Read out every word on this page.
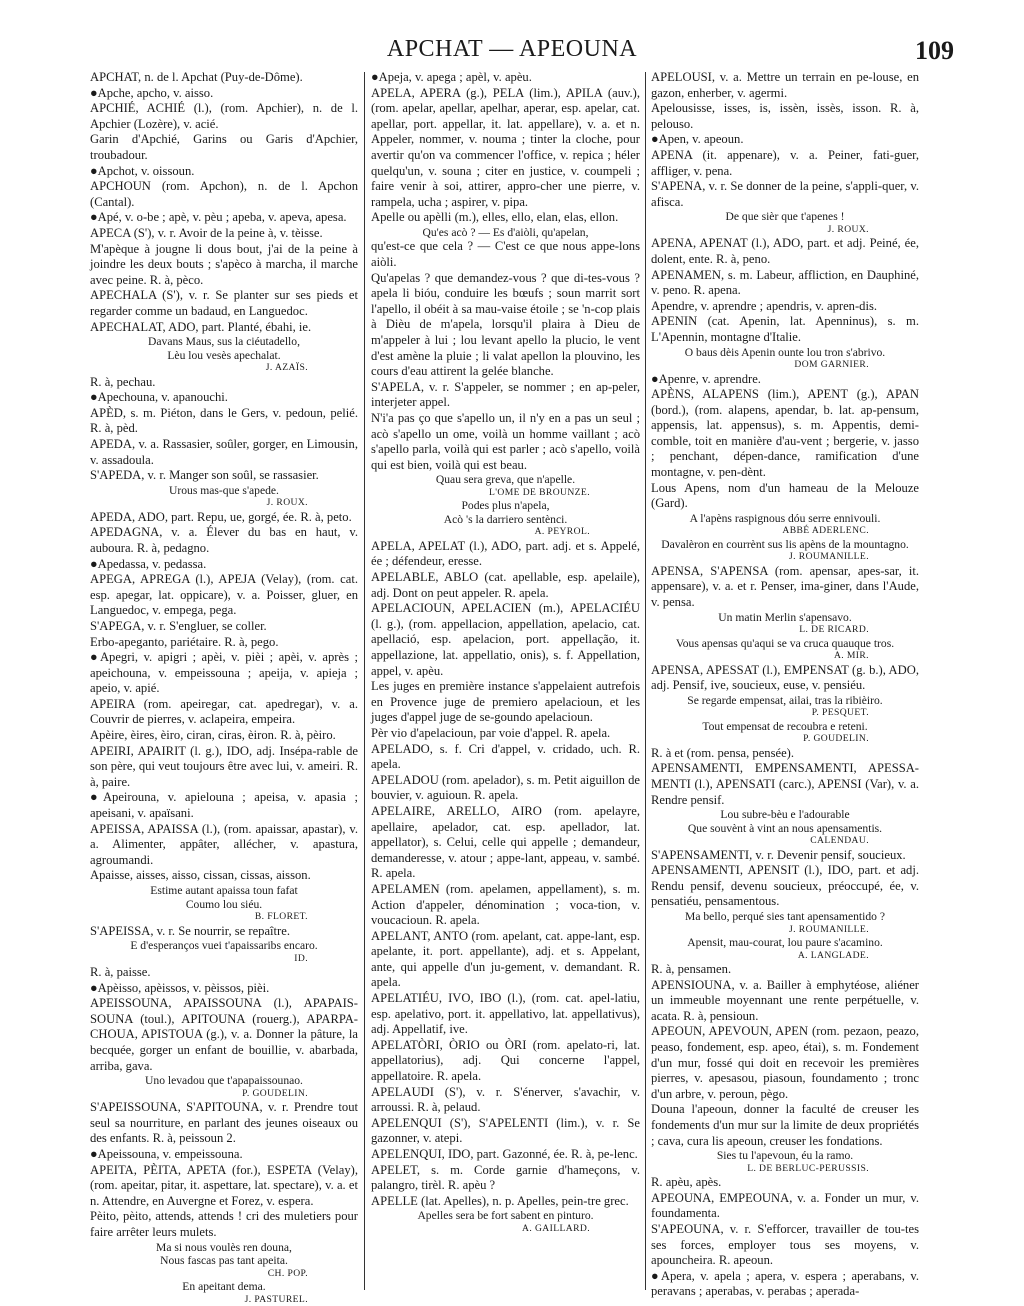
APCHAT — APEOUNA	109

APCHAT, n. de l. Apchat (Puy-de-Dôme).

●Apche, apcho, v. aisso.

APCHIÉ, ACHIÉ (l.), (rom. Apchier), n. de l. Apchier (Lozère), v. acié.

Garin d'Apchié, Garins ou Garis d'Apchier, troubadour.

●Apchot, v. oissoun.

APCHOUN (rom. Apchon), n. de l. Apchon (Cantal).

●Apé, v. o-be ; apè, v. pèu ; apeba, v. apeva, apesa.

APECA (S'), v. r. Avoir de la peine à, v. tèisse.

M'apèque à jougne li dous bout, j'ai de la peine à joindre les deux bouts ; s'apèco à marcha, il marche avec peine. R. à, pèco.

APECHALA (S'), v. r. Se planter sur ses pieds et regarder comme un badaud, en Languedoc.

APECHALAT, ADO, part. Planté, ébahi, ie.

Davans Maus, sus la ciéutadello,

Lèu lou vesès apechalat.

J. AZAÏS.

R. à, pechau.

●Apechouna, v. apanouchi.

APÈD, s. m. Piéton, dans le Gers, v. pedoun, pelié. R. à, pèd.

APEDA, v. a. Rassasier, soûler, gorger, en Limousin, v. assadoula.

S'APEDA, v. r. Manger son soûl, se rassasier.

Urous mas-que s'apede.

J. ROUX.

APEDA, ADO, part. Repu, ue, gorgé, ée. R. à, peto.

APEDAGNA, v. a. Élever du bas en haut, v. auboura. R. à, pedagno.

●Apedassa, v. pedassa.

APEGA, APREGA (l.), APEJA (Velay), (rom. cat. esp. apegar, lat. oppicare), v. a. Poisser, gluer, en Languedoc, v. empega, pega.

S'APEGA, v. r. S'engluer, se coller.

Erbo-apeganto, pariétaire. R. à, pego.

●Apegri, v. apigri ; apèi, v. pièi ; apèi, v. après ; apeichouna, v. empeissouna ; apeija, v. apieja ; apeio, v. apié.

APEIRA (rom. apeiregar, cat. apedregar), v. a. Couvrir de pierres, v. aclapeira, empeira.

Apèire, èires, èiro, ciran, ciras, èiron. R. à, pèiro.

APEIRI, APAIRIT (l. g.), IDO, adj. Insépa-rable de son père, qui veut toujours être avec lui, v. ameiri. R. à, paire.

●Apeirouna, v. apielouna ; apeisa, v. apasia ; apeisani, v. apaïsani.

APEISSA, APAISSA (l.), (rom. apaissar, apastar), v. a. Alimenter, appâter, allécher, v. apastura, agroumandi.

Apaisse, aisses, aisso, cissan, cissas, aisson.

Estime autant apaissa toun fafat

Coumo lou siéu.

B. FLORET.

S'APEISSA, v. r. Se nourrir, se repaître.

E d'esperanços vuei t'apaissaribs encaro.

ID.

R. à, paisse.

●Apèisso, apèissos, v. pèissos, pièi.

APEISSOUNA, APAISSOUNA (l.), APAPAIS-SOUNA (toul.), APITOUNA (rouerg.), APARPA-CHOUA, APISTOUA (g.), v. a. Donner la pâture, la becquée, gorger un enfant de bouillie, v. abarbada, arriba, gava.

Uno levadou que t'apapaissounao.

P. GOUDELIN.

S'APEISSOUNA, S'APITOUNA, v. r. Prendre tout seul sa nourriture, en parlant des jeunes oiseaux ou des enfants. R. à, peissoun 2.

●Apeissouna, v. empeissouna.

APEITA, PÈITA, APETA (for.), ESPETA (Velay), (rom. apeitar, pitar, it. aspettare, lat. spectare), v. a. et n. Attendre, en Auvergne et Forez, v. espera.

Pèito, pèito, attends, attends ! cri des muletiers pour faire arrêter leurs mulets.

Ma si nous voulès ren douna,

Nous fascas pas tant apeita.

CH. POP.

En apeitant dema.

J. PASTUREL.

●Apeja, v. apega ; apèl, v. apèu.

APELA, APERA (g.), PELA (lim.), APILA (auv.), (rom. apelar, apellar, apelhar, aperar, esp. apelar, cat. apellar, port. appellar, it. lat. appellare), v. a. et n. Appeler, nommer, v. nouma ; tinter la cloche, pour avertir qu'on va commencer l'office, v. repica ; héler quelqu'un, v. souna ; citer en justice, v. coumpeli ; faire venir à soi, attirer, appro-cher une pierre, v. rampela, ucha ; aspirer, v. pipa.

Apelle ou apèlli (m.), elles, ello, elan, elas, ellon.

Qu'es acò ? — Es d'aiòli, qu'apelan,

qu'est-ce que cela ? — C'est ce que nous appe-lons aiòli.

Qu'apelas ? que demandez-vous ? que di-tes-vous ? apela li bióu, conduire les bœufs ; soun marrit sort l'apello, il obéit à sa mau-vaise étoile ; se 'n-cop plais à Dièu de m'apela, lorsqu'il plaira à Dieu de m'appeler à lui ; lou levant apello la plucio, le vent d'est amène la pluie ; li valat apellon la plouvino, les cours d'eau attirent la gelée blanche.

S'APELA, v. r. S'appeler, se nommer ; en ap-peler, interjeter appel.

N'i'a pas ço que s'apello un, il n'y en a pas un seul ; acò s'apello un ome, voilà un homme vaillant ; acò s'apello parla, voilà qui est parler ; acò s'apello, voilà qui est bien, voilà qui est beau.

Quau sera greva, que n'apelle.

L'OME DE BROUNZE.

Podes plus n'apela,

Acò 's la darriero sentènci.

A. PEYROL.

APELA, APELAT (l.), ADO, part. adj. et s. Appelé, ée ; défendeur, eresse.

APELABLE, ABLO (cat. apellable, esp. apelaile), adj. Dont on peut appeler. R. apela.

APELACIOUN, APELACIEN (m.), APELACIÉU (l. g.), (rom. appellacion, appellation, apelacio, cat. apellació, esp. apelacion, port. appellação, it. appellazione, lat. appellatio, onis), s. f. Appellation, appel, v. apèu.

Les juges en première instance s'appelaient autrefois en Provence juge de premiero apelacioun, et les juges d'appel juge de se-goundo apelacioun.

Pèr vio d'apelacioun, par voie d'appel. R. apela.

APELADO, s. f. Cri d'appel, v. cridado, uch. R. apela.

APELADOU (rom. apelador), s. m. Petit aiguillon de bouvier, v. aguioun. R. apela.

APELAIRE, ARELLO, AIRO (rom. apelayre, apellaire, apelador, cat. esp. apellador, lat. appellator), s. Celui, celle qui appelle ; demandeur, demanderesse, v. atour ; appe-lant, appeau, v. sambé. R. apela.

APELAMEN (rom. apelamen, appellament), s. m. Action d'appeler, dénomination ; voca-tion, v. voucacioun. R. apela.

APELANT, ANTO (rom. apelant, cat. appe-lant, esp. apelante, it. port. appellante), adj. et s. Appelant, ante, qui appelle d'un ju-gement, v. demandant. R. apela.

APELATIÉU, IVO, IBO (l.), (rom. cat. apel-latiu, esp. apelativo, port. it. appellativo, lat. appellativus), adj. Appellatif, ive.

APELATÒRI, ÒRIO ou ÒRI (rom. apelato-ri, lat. appellatorius), adj. Qui concerne l'appel, appellatoire. R. apela.

APELAUDI (S'), v. r. S'énerver, s'avachir, v. arroussi. R. à, pelaud.

APELENQUI (S'), S'APELENTI (lim.), v. r. Se gazonner, v. atepi.

APELENQUI, IDO, part. Gazonné, ée. R. à, pe-lenc.

APELET, s. m. Corde garnie d'hameçons, v. palangro, tirèl. R. apèu ?

APELLE (lat. Apelles), n. p. Apelles, pein-tre grec.

Apelles sera be fort sabent en pinturo.

A. GAILLARD.

APELOUSI, v. a. Mettre un terrain en pe-louse, en gazon, enherber, v. agermi.

Apelousisse, isses, is, issèn, issès, isson. R. à, pelouso.

●Apen, v. apeoun.

APENA (it. appenare), v. a. Peiner, fati-guer, affliger, v. pena.

S'APENA, v. r. Se donner de la peine, s'appli-quer, v. afisca.

De que sièr que t'apenes !

J. ROUX.

APENA, APENAT (l.), ADO, part. et adj. Peiné, ée, dolent, ente. R. à, peno.

APENAMEN, s. m. Labeur, affliction, en Dauphiné, v. peno. R. apena.

Apendre, v. aprendre ; apendris, v. apren-dis.

APENIN (cat. Apenin, lat. Apenninus), s. m. L'Apennin, montagne d'Italie.

O baus dèis Apenin ounte lou tron s'abrivo.

DOM GARNIER.

●Apenre, v. aprendre.

APÈNS, ALAPENS (lim.), APENT (g.), APAN (bord.), (rom. alapens, apendar, b. lat. ap-pensum, appensis, lat. appensus), s. m. Appentis, demi-comble, toit en manière d'au-vent ; bergerie, v. jasso ; penchant, dépen-dance, ramification d'une montagne, v. pen-dènt.

Lous Apens, nom d'un hameau de la Melouze (Gard).

A l'apèns raspignous dóu serre ennivouli.

ABBÉ ADERLENC.

Davalèron en courrènt sus lis apèns de la mountagno.

J. ROUMANILLE.

APENSA, S'APENSA (rom. apensar, apes-sar, it. appensare), v. a. et r. Penser, ima-giner, dans l'Aude, v. pensa.

Un matin Merlin s'apensavo.

L. DE RICARD.

Vous apensas qu'aqui se va cruca quauque tros.

A. MIR.

APENSA, APESSAT (l.), EMPENSAT (g. b.), ADO, adj. Pensif, ive, soucieux, euse, v. pensiéu.

Se regarde empensat, ailai, tras la ribièiro.

P. PESQUET.

Tout empensat de recoubra e reteni.

P. GOUDELIN.

R. à et (rom. pensa, pensée).

APENSAMENTI, EMPENSAMENTI, APESSA-MENTI (l.), APENSATI (carc.), APENSI (Var), v. a. Rendre pensif.

Lou subre-bèu e l'adourable

Que souvènt à vint an nous apensamentis.

CALENDAU.

S'APENSAMENTI, v. r. Devenir pensif, soucieux.

APENSAMENTI, APENSIT (l.), IDO, part. et adj. Rendu pensif, devenu soucieux, préoccupé, ée, v. pensatiéu, pensamentous.

Ma bello, perqué sies tant apensamentido ?

J. ROUMANILLE.

Apensit, mau-courat, lou paure s'acamino.

A. LANGLADE.

R. à, pensamen.

APENSIOUNA, v. a. Bailler à emphytéose, aliéner un immeuble moyennant une rente perpétuelle, v. acata. R. à, pensioun.

APEOUN, APEVOUN, APEN (rom. pezaon, peazo, peaso, fondement, esp. apeo, étai), s. m. Fondement d'un mur, fossé qui doit en recevoir les premières pierres, v. apesasou, piasoun, foundamento ; tronc d'un arbre, v. peroun, pègo.

Douna l'apeoun, donner la faculté de creuser les fondements d'un mur sur la limite de deux propriétés ; cava, cura lis apeoun, creuser les fondations.

Sies tu l'apevoun, éu la ramo.

L. DE BERLUC-PERUSSIS.

R. apèu, apès.

APEOUNA, EMPEOUNA, v. a. Fonder un mur, v. foundamenta.

S'APEOUNA, v. r. S'efforcer, travailler de tou-tes ses forces, employer tous ses moyens, v. apouncheira. R. apeoun.

●Apera, v. apela ; apera, v. espera ; aperabans, v. peravans ; aperabas, v. perabas ; aperada-
